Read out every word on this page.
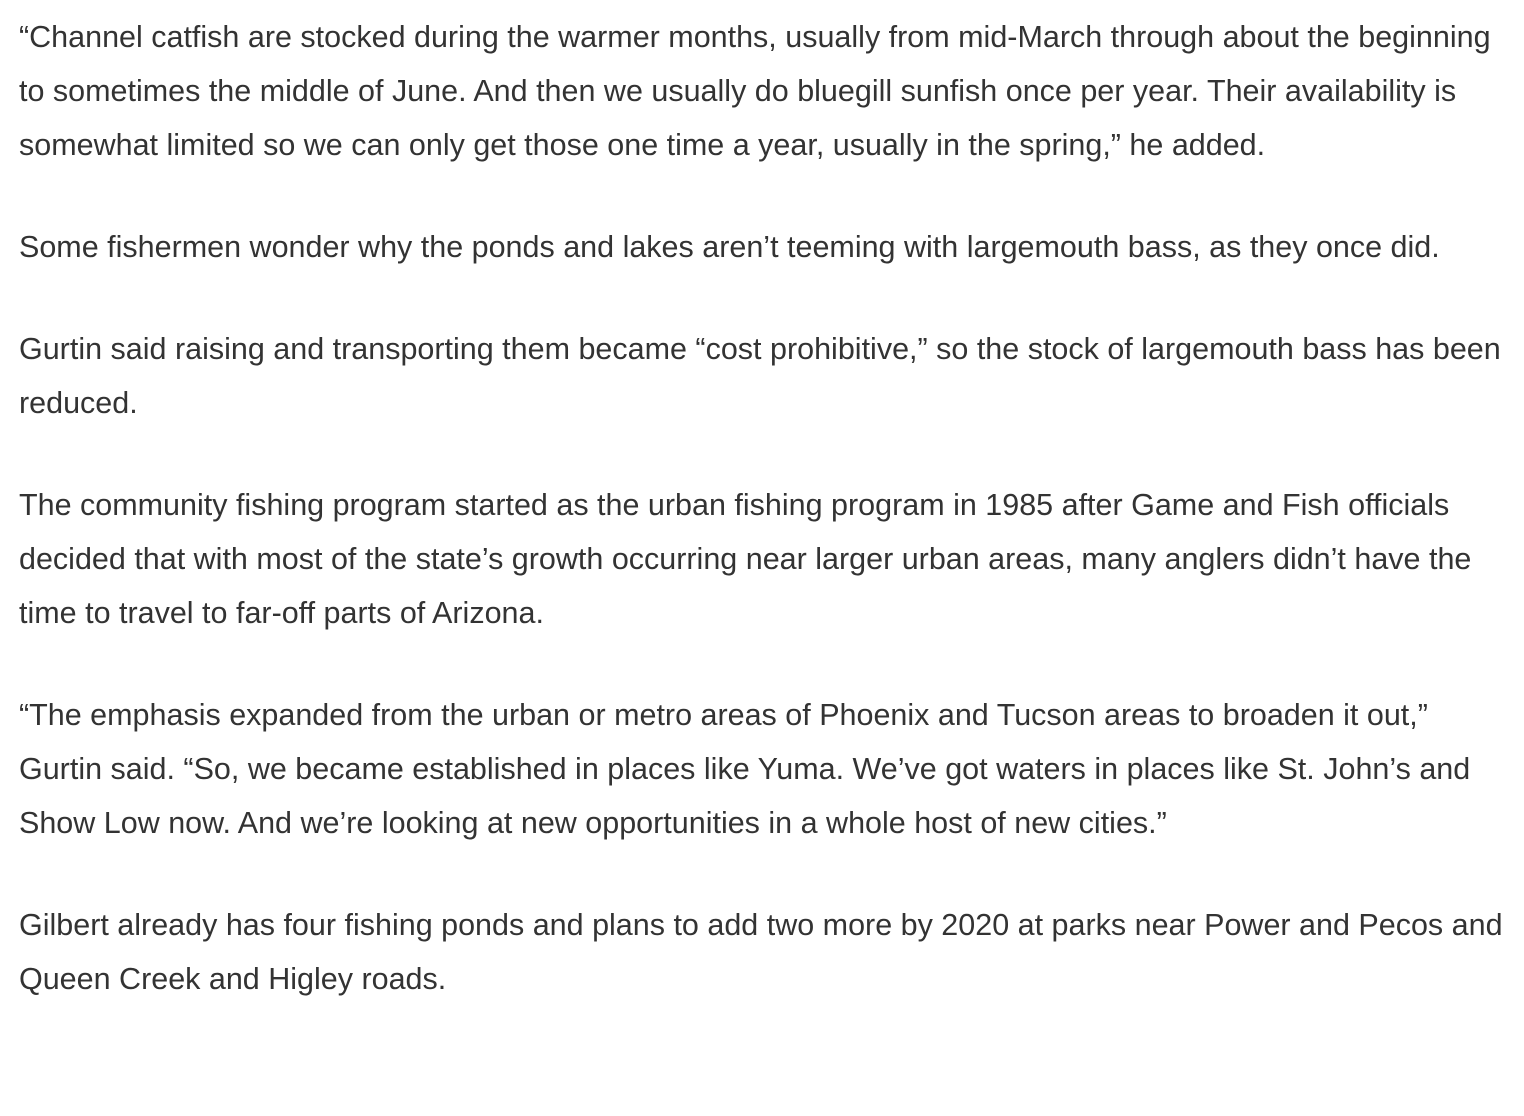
“Channel catfish are stocked during the warmer months, usually from mid-March through about the beginning to sometimes the middle of June. And then we usually do bluegill sunfish once per year. Their availability is somewhat limited so we can only get those one time a year, usually in the spring,” he added.

Some fishermen wonder why the ponds and lakes aren’t teeming with largemouth bass, as they once did.

Gurtin said raising and transporting them became “cost prohibitive,” so the stock of largemouth bass has been reduced.

The community fishing program started as the urban fishing program in 1985 after Game and Fish officials decided that with most of the state’s growth occurring near larger urban areas, many anglers didn’t have the time to travel to far-off parts of Arizona.

“The emphasis expanded from the urban or metro areas of Phoenix and Tucson areas to broaden it out,” Gurtin said. “So, we became established in places like Yuma. We’ve got waters in places like St. John’s and Show Low now. And we’re looking at new opportunities in a whole host of new cities.”

Gilbert already has four fishing ponds and plans to add two more by 2020 at parks near Power and Pecos and Queen Creek and Higley roads.
